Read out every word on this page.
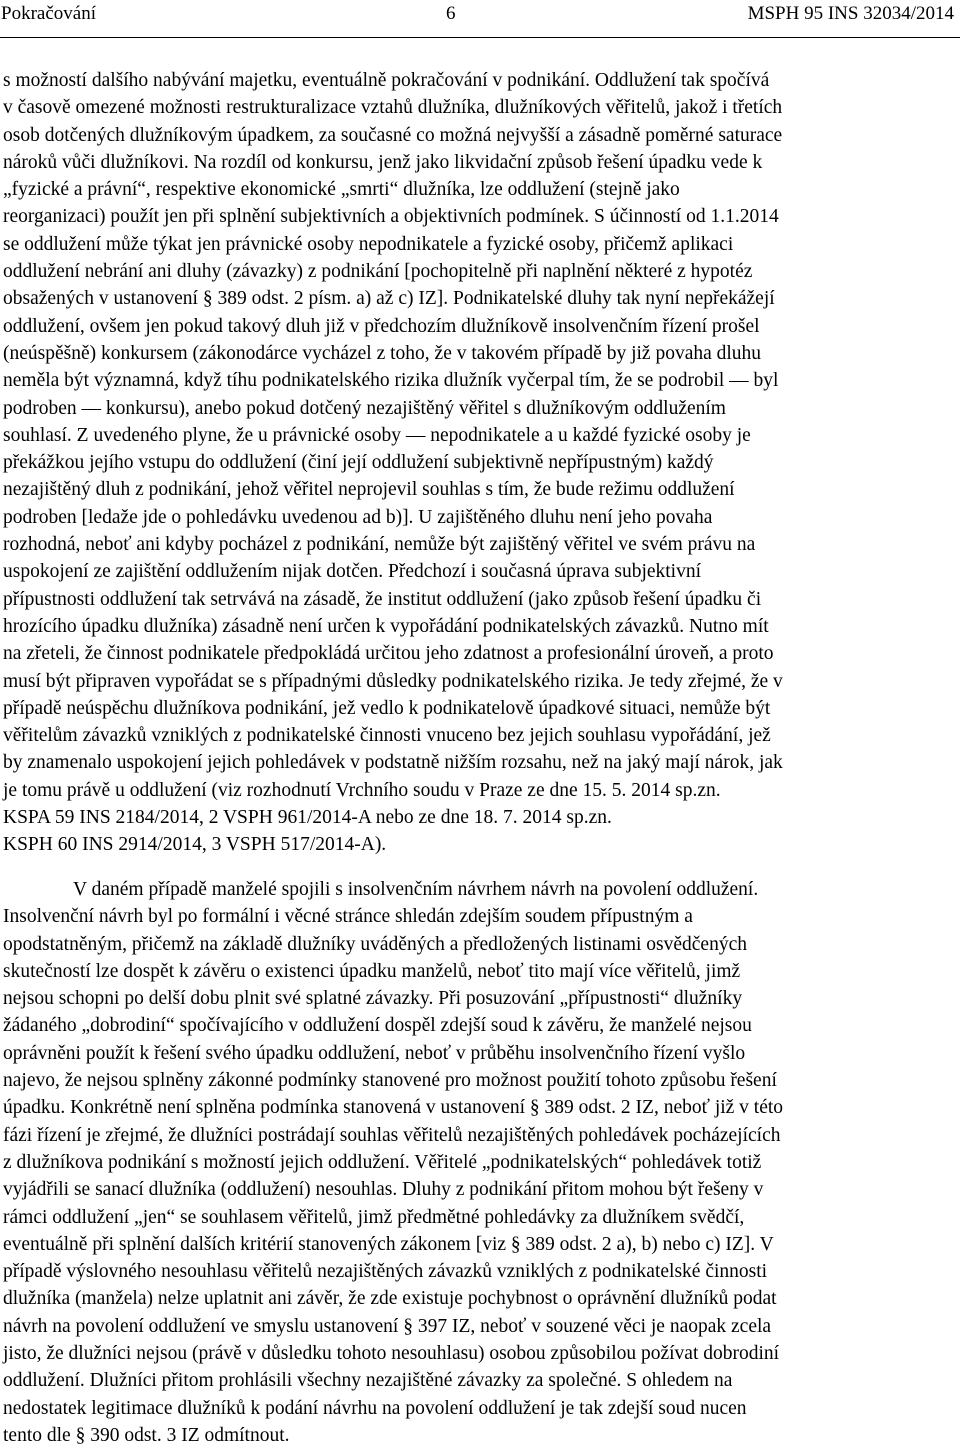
Pokračování	6	MSPH 95 INS 32034/2014
s možností dalšího nabývání majetku, eventuálně pokračování v podnikání. Oddlužení tak spočívá
v časově omezené možnosti restrukturalizace vztahů dlužníka, dlužníkových věřitelů, jakož i třetích
osob dotčených dlužníkovým úpadkem, za současné co možná nejvyšší a zásadně poměrné saturace
nároků vůči dlužníkovi. Na rozdíl od konkursu, jenž jako likvidační způsob řešení úpadku vede k
„fyzické a právní“, respektive ekonomické „smrti“ dlužníka, lze oddlužení (stejně jako
reorganizaci) použít jen při splnění subjektivních a objektivních podmínek. S účinností od 1.1.2014
se oddlužení může týkat jen právnické osoby nepodnikatele a fyzické osoby, přičemž aplikaci
oddlužení nebrání ani dluhy (závazky) z podnikání [pochopitelně při naplnění některé z hypotéz
obsažených v ustanovení § 389 odst. 2 písm. a) až c) IZ]. Podnikatelské dluhy tak nyní nepřekážejí
oddlužení, ovšem jen pokud takový dluh již v předchozím dlužníkově insolvenčním řízení prošel
(neúspěšně) konkursem (zákonodárce vycházel z toho, že v takovém případě by již povaha dluhu
neměla být významná, když tíhu podnikatelského rizika dlužník vyčerpal tím, že se podrobil — byl
podroben — konkursu), anebo pokud dotčený nezajištěný věřitel s dlužníkovým oddlužením
souhlasí. Z uvedeného plyne, že u právnické osoby — nepodnikatele a u každé fyzické osoby je
překážkou jejího vstupu do oddlužení (činí její oddlužení subjektivně nepřípustným) každý
nezajištěný dluh z podnikání, jehož věřitel neprojevil souhlas s tím, že bude režimu oddlužení
podroben [ledaže jde o pohledávku uvedenou ad b)]. U zajištěného dluhu není jeho povaha
rozhodná, neboť ani kdyby pocházel z podnikání, nemůže být zajištěný věřitel ve svém právu na
uspokojení ze zajištění oddlužením nijak dotčen. Předchozí i současná úprava subjektivní
přípustnosti oddlužení tak setrvává na zásadě, že institut oddlužení (jako způsob řešení úpadku či
hrozícího úpadku dlužníka) zásadně není určen k vypořádání podnikatelských závazků. Nutno mít
na zřeteli, že činnost podnikatele předpokládá určitou jeho zdatnost a profesionální úroveň, a proto
musí být připraven vypořádat se s případnými důsledky podnikatelského rizika. Je tedy zřejmé, že v
případě neúspěchu dlužníkova podnikání, jež vedlo k podnikatelově úpadkové situaci, nemůže být
věřitelům závazků vzniklých z podnikatelské činnosti vnuceno bez jejich souhlasu vypořádání, jež
by znamenalo uspokojení jejich pohledávek v podstatně nižším rozsahu, než na jaký mají nárok, jak
je tomu právě u oddlužení (viz rozhodnutí Vrchního soudu v Praze ze dne 15. 5. 2014 sp.zn.
KSPA 59 INS 2184/2014, 2 VSPH 961/2014-A nebo ze dne 18. 7. 2014 sp.zn.
KSPH 60 INS 2914/2014, 3 VSPH 517/2014-A).
V daném případě manželé spojili s insolvenčním návrhem návrh na povolení oddlužení.
Insolvenční návrh byl po formální i věcné stránce shledán zdejším soudem přípustným a
opodstatněným, přičemž na základě dlužníky uváděných a předložených listinami osvědčených
skutečností lze dospět k závěru o existenci úpadku manželů, neboť tito mají více věřitelů, jimž
nejsou schopni po delší dobu plnit své splatné závazky. Při posuzování „přípustnosti“ dlužníky
žádaného „dobrodiní“ spočívajícího v oddlužení dospěl zdejší soud k závěru, že manželé nejsou
oprávněni použít k řešení svého úpadku oddlužení, neboť v průběhu insolvenčního řízení vyšlo
najevo, že nejsou splněny zákonné podmínky stanovené pro možnost použití tohoto způsobu řešení
úpadku. Konkrétně není splněna podmínka stanovená v ustanovení § 389 odst. 2 IZ, neboť již v této
fázi řízení je zřejmé, že dlužníci postrádají souhlas věřitelů nezajištěných pohledávek pocházejících
z dlužníkova podnikání s možností jejich oddlužení. Věřitelé „podnikatelských“ pohledávek totiž
vyjádřili se sanací dlužníka (oddlužení) nesouhlas. Dluhy z podnikání přitom mohou být řešeny v
rámci oddlužení „jen“ se souhlasem věřitelů, jimž předmětné pohledávky za dlužníkem svědčí,
eventuálně při splnění dalších kritérií stanovených zákonem [viz § 389 odst. 2 a), b) nebo c) IZ]. V
případě výslovného nesouhlasu věřitelů nezajištěných závazků vzniklých z podnikatelské činnosti
dlužníka (manžela) nelze uplatnit ani závěr, že zde existuje pochybnost o oprávnění dlužníků podat
návrh na povolení oddlužení ve smyslu ustanovení § 397 IZ, neboť v souzené věci je naopak zcela
jisto, že dlužníci nejsou (právě v důsledku tohoto nesouhlasu) osobou způsobilou požívat dobrodiní
oddlužení. Dlužníci přitom prohlásili všechny nezajištěné závazky za společné. S ohledem na
nedostatek legitimace dlužníků k podání návrhu na povolení oddlužení je tak zdejší soud nucen
tento dle § 390 odst. 3 IZ odmítnout.
